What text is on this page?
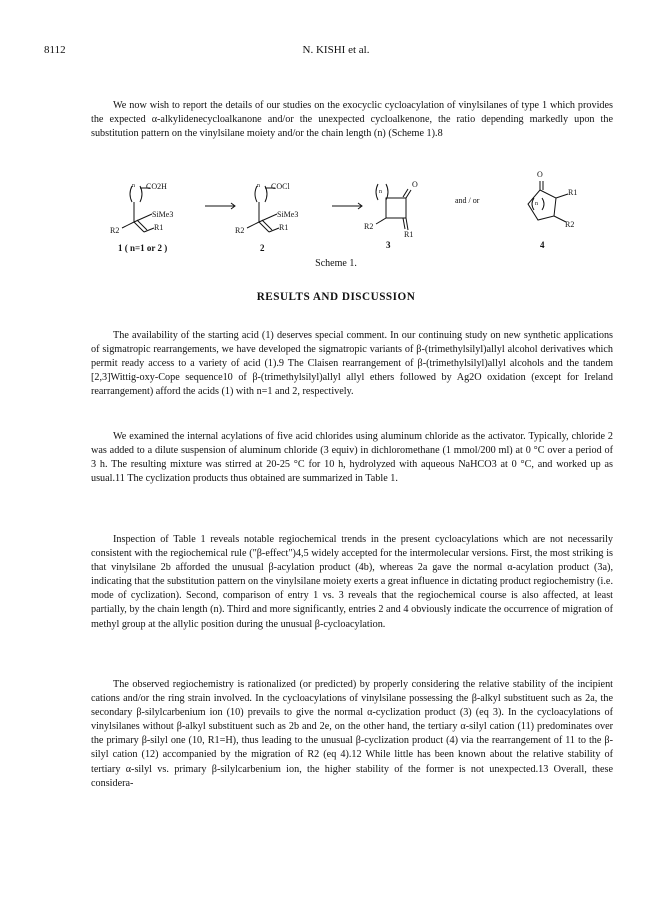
8112	N. KISHI et al.

We now wish to report the details of our studies on the exocyclic cycloacylation of vinylsilanes of type 1 which provides the expected α-alkylidenecycloalkanone and/or the unexpected cycloalkenone, the ratio depending markedly upon the substitution pattern on the vinylsilane moiety and/or the chain length (n) (Scheme 1).8

CO2H
n
SiMe3
R1
R2
COCl
n
SiMe3
R1
R2
O
n
R1
R2
and / or
O
n
R1
R2
1 ( n=1 or 2 )	2	3	4
Scheme 1.
RESULTS AND DISCUSSION

The availability of the starting acid (1) deserves special comment. In our continuing study on new synthetic applications of sigmatropic rearrangements, we have developed the sigmatropic variants of β-(trimethylsilyl)allyl alcohol derivatives which permit ready access to a variety of acid (1).9 The Claisen rearrangement of β-(trimethylsilyl)allyl alcohols and the tandem [2,3]Wittig-oxy-Cope sequence10 of β-(trimethylsilyl)allyl allyl ethers followed by Ag2O oxidation (except for Ireland rearrangement) afford the acids (1) with n=1 and 2, respectively.

We examined the internal acylations of five acid chlorides using aluminum chloride as the activator. Typically, chloride 2 was added to a dilute suspension of aluminum chloride (3 equiv) in dichloromethane (1 mmol/200 ml) at 0 °C over a period of 3 h. The resulting mixture was stirred at 20-25 °C for 10 h, hydrolyzed with aqueous NaHCO3 at 0 °C, and worked up as usual.11 The cyclization products thus obtained are summarized in Table 1.

Inspection of Table 1 reveals notable regiochemical trends in the present cycloacylations which are not necessarily consistent with the regiochemical rule ("β-effect")4,5 widely accepted for the intermolecular versions. First, the most striking is that vinylsilane 2b afforded the unusual β-acylation product (4b), whereas 2a gave the normal α-acylation product (3a), indicating that the substitution pattern on the vinylsilane moiety exerts a great influence in dictating product regiochemistry (i.e. mode of cyclization). Second, comparison of entry 1 vs. 3 reveals that the regiochemical course is also affected, at least partially, by the chain length (n). Third and more significantly, entries 2 and 4 obviously indicate the occurrence of migration of methyl group at the allylic position during the unusual β-cycloacylation.

The observed regiochemistry is rationalized (or predicted) by properly considering the relative stability of the incipient cations and/or the ring strain involved. In the cycloacylations of vinylsilane possessing the β-alkyl substituent such as 2a, the secondary β-silylcarbenium ion (10) prevails to give the normal α-cyclization product (3) (eq 3). In the cycloacylations of vinylsilanes without β-alkyl substituent such as 2b and 2e, on the other hand, the tertiary α-silyl cation (11) predominates over the primary β-silyl one (10, R1=H), thus leading to the unusual β-cyclization product (4) via the rearrangement of 11 to the β-silyl cation (12) accompanied by the migration of R2 (eq 4).12 While little has been known about the relative stability of tertiary α-silyl vs. primary β-silylcarbenium ion, the higher stability of the former is not unexpected.13 Overall, these considera-
